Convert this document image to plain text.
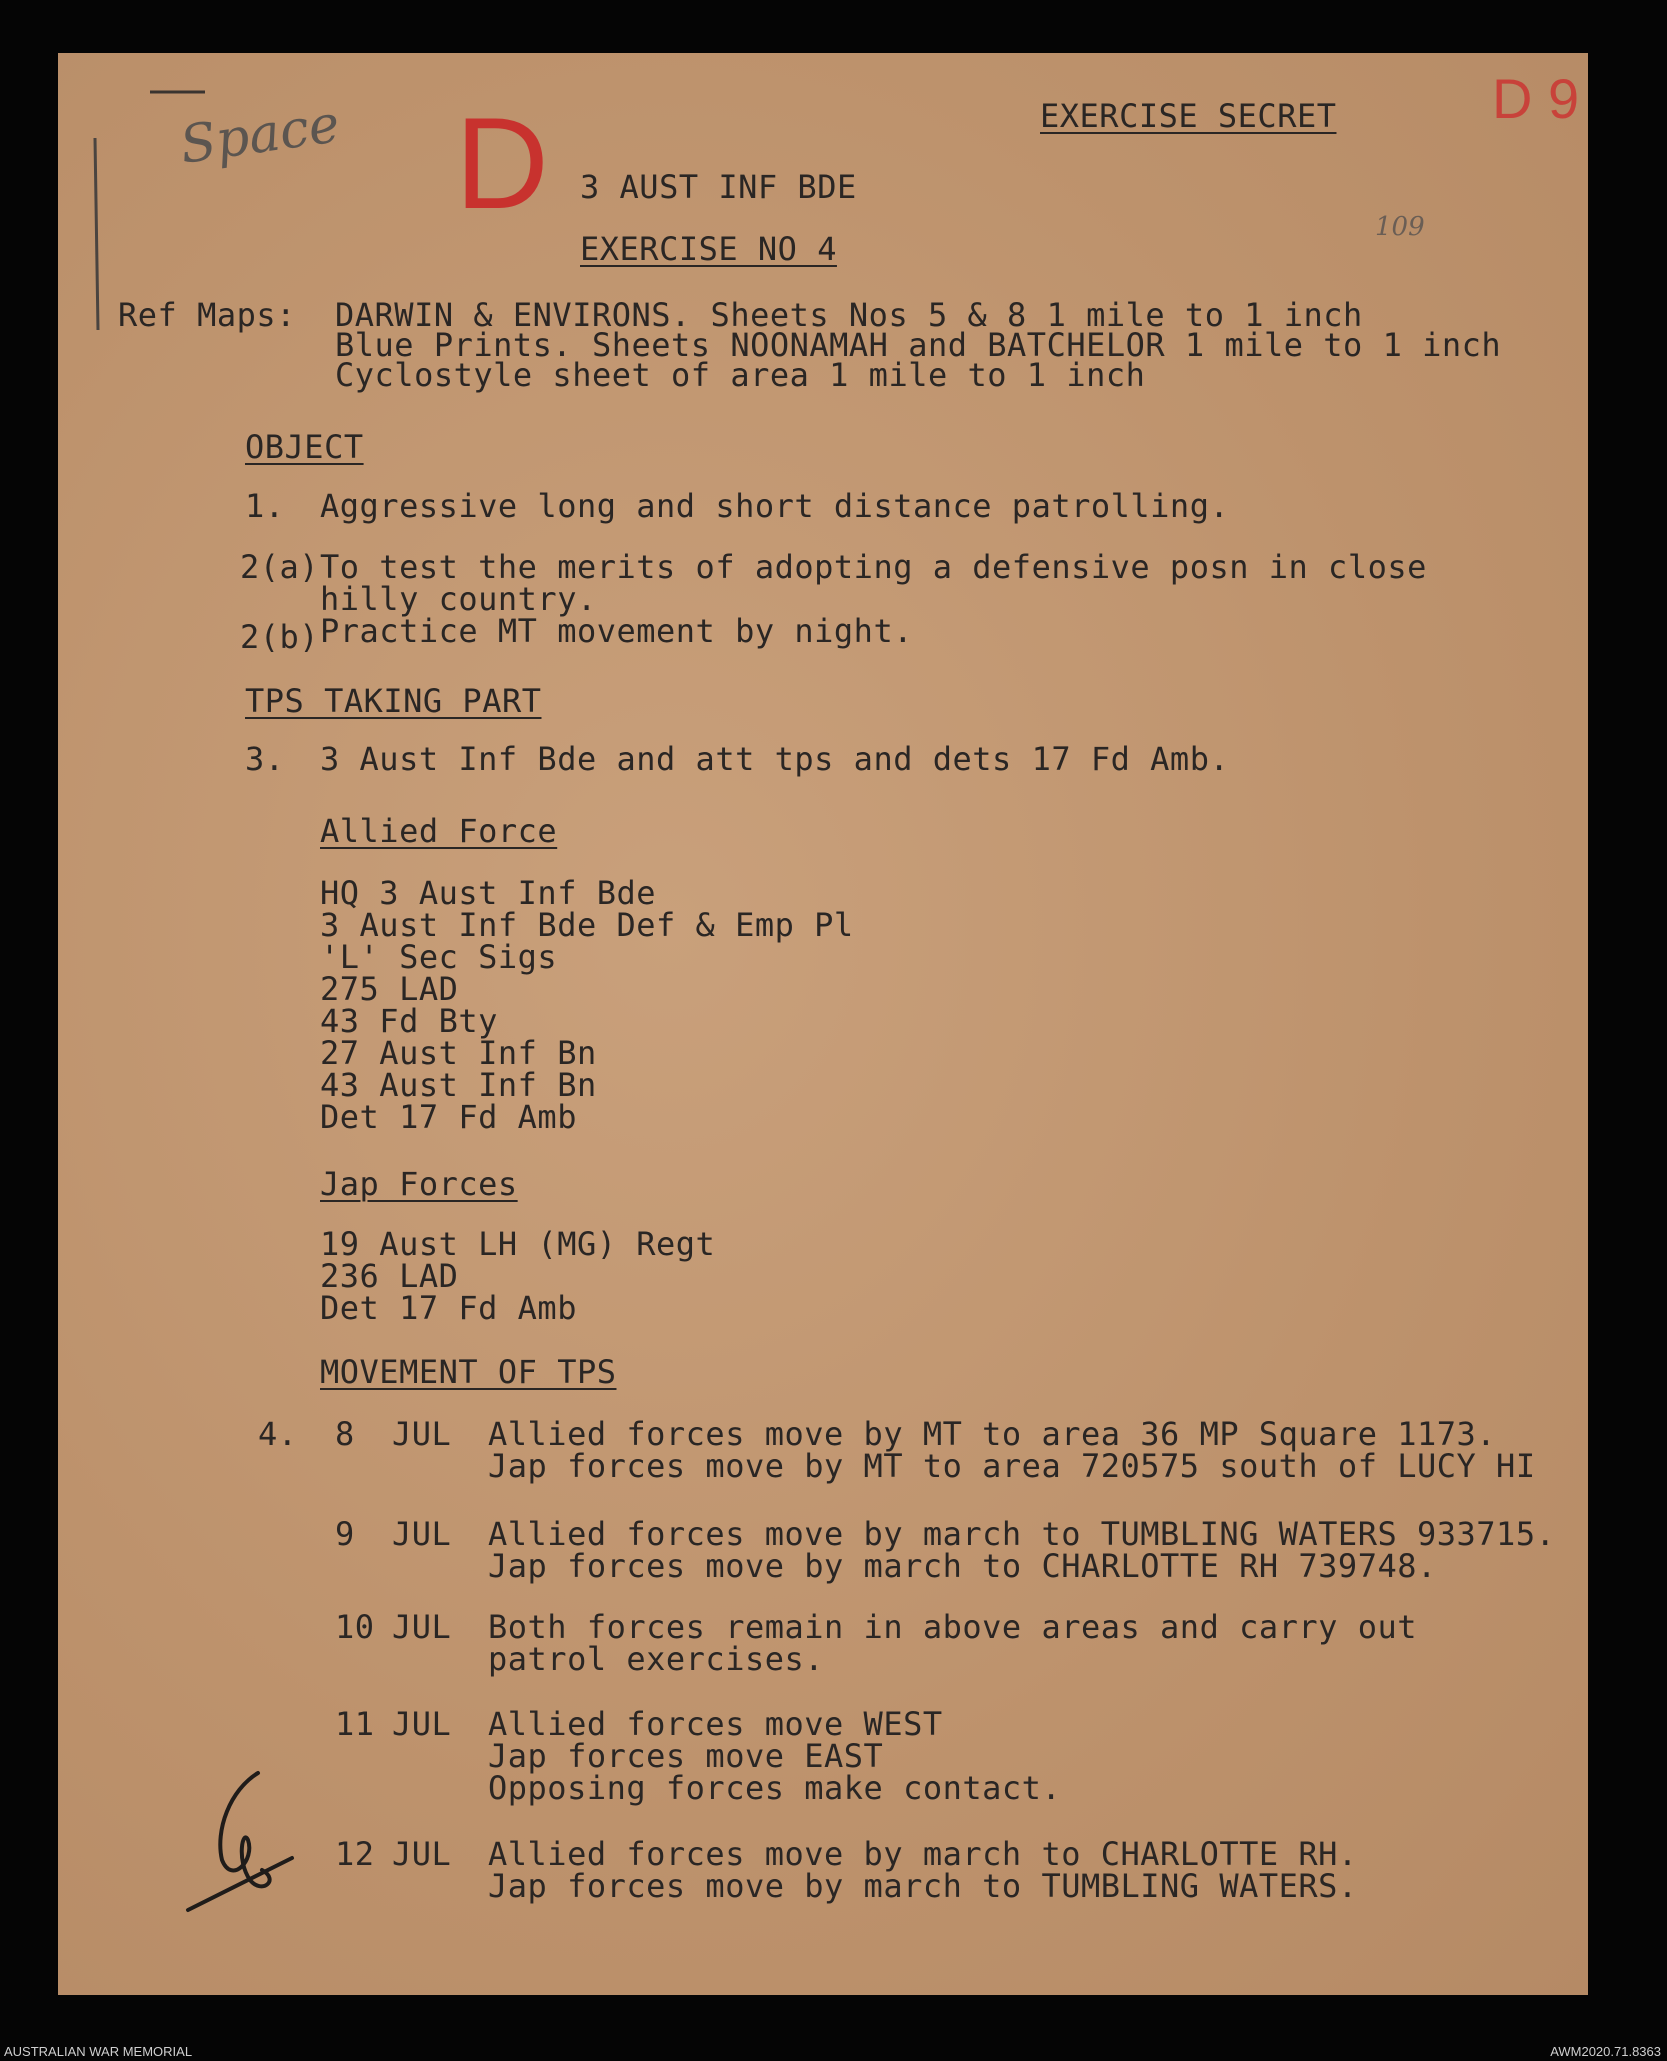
Space D	D 9
109
EXERCISE SECRET
3 AUST INF BDE
EXERCISE NO 4
Ref Maps: DARWIN & ENVIRONS. Sheets Nos 5 & 8 1 mile to 1 inch
Blue Prints. Sheets NOONAMAH and BATCHELOR 1 mile to 1 inch
Cyclostyle sheet of area 1 mile to 1 inch
OBJECT
1. Aggressive long and short distance patrolling.
2(a) To test the merits of adopting a defensive posn in close
hilly country.
2(b) Practice MT movement by night.
TPS TAKING PART
3. 3 Aust Inf Bde and att tps and dets 17 Fd Amb.
Allied Force
HQ 3 Aust Inf Bde
3 Aust Inf Bde Def & Emp Pl
'L' Sec Sigs
275 LAD
43 Fd Bty
27 Aust Inf Bn
43 Aust Inf Bn
Det 17 Fd Amb
Jap Forces
19 Aust LH (MG) Regt
236 LAD
Det 17 Fd Amb
MOVEMENT OF TPS
4. 8 JUL Allied forces move by MT to area 36 MP Square 1173.
Jap forces move by MT to area 720575 south of LUCY HI
9 JUL Allied forces move by march to TUMBLING WATERS 933715.
Jap forces move by march to CHARLOTTE RH 739748.
10 JUL Both forces remain in above areas and carry out
patrol exercises.
11 JUL Allied forces move WEST
Jap forces move EAST
Opposing forces make contact.
12 JUL Allied forces move by march to CHARLOTTE RH.
Jap forces move by march to TUMBLING WATERS.
AUSTRALIAN WAR MEMORIAL	AWM2020.71.8363
